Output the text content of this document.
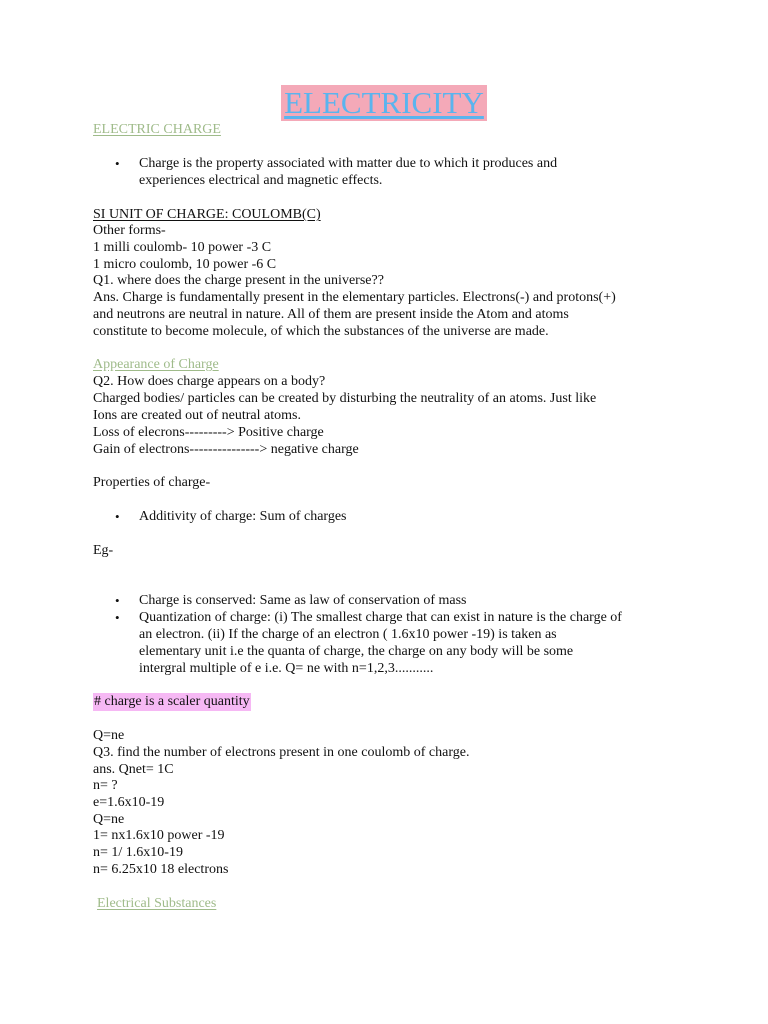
ELECTRICITY
ELECTRIC CHARGE
• Charge is the property associated with matter due to which it produces and
experiences electrical and magnetic effects.
SI UNIT OF CHARGE: COULOMB(C)
Other forms-
1 milli coulomb- 10 power -3 C
1 micro coulomb, 10 power -6 C
Q1. where does the charge present in the universe??
Ans. Charge is fundamentally present in the elementary particles. Electrons(-) and protons(+)
and neutrons are neutral in nature. All of them are present inside the Atom and atoms
constitute to become molecule, of which the substances of the universe are made.
Appearance of Charge
Q2. How does charge appears on a body?
Charged bodies/ particles can be created by disturbing the neutrality of an atoms. Just like
Ions are created out of neutral atoms.
Loss of elecrons---------> Positive charge
Gain of electrons---------------> negative charge
Properties of charge-
• Additivity of charge: Sum of charges
Eg-
• Charge is conserved: Same as law of conservation of mass
• Quantization of charge: (i) The smallest charge that can exist in nature is the charge of
an electron. (ii) If the charge of an electron ( 1.6x10 power -19) is taken as
elementary unit i.e the quanta of charge, the charge on any body will be some
intergral multiple of e i.e. Q= ne with n=1,2,3...........
# charge is a scaler quantity
Q=ne
Q3. find the number of electrons present in one coulomb of charge.
ans. Qnet= 1C
n= ?
e=1.6x10-19
Q=ne
1= nx1.6x10 power -19
n= 1/ 1.6x10-19
n= 6.25x10 18 electrons
Electrical Substances
